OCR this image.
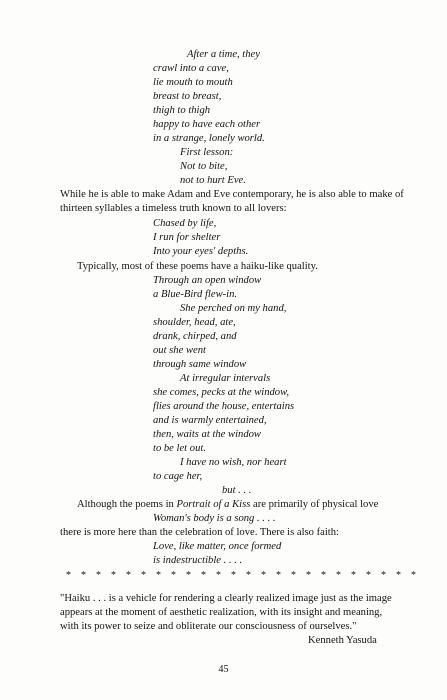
After a time, they
crawl into a cave,
lie mouth to mouth
breast to breast,
thigh to thigh
happy to have each other
in a strange, lonely world.
First lesson:
Not to bite,
not to hurt Eve.
While he is able to make Adam and Eve contemporary, he is also able to make of
thirteen syllables a timeless truth known to all lovers:
Chased by life,
I run for shelter
Into your eyes' depths.
Typically, most of these poems have a haiku-like quality.
Through an open window
a Blue-Bird flew-in.
She perched on my hand,
shoulder, head, ate,
drank, chirped, and
out she went
through same window
At irregular intervals
she comes, pecks at the window,
flies around the house, entertains
and is warmly entertained,
then, waits at the window
to be let out.
I have no wish, nor heart
to cage her,
but . . .
Although the poems in Portrait of a Kiss are primarily of physical love
Woman's body is a song . . . .
there is more here than the celebration of love. There is also faith:
Love, like matter, once formed
is indestructible . . . .
* * * * * * * * * * * * * * * * * * * * * * * *
"Haiku . . . is a vehicle for rendering a clearly realized image just as the image
appears at the moment of aesthetic realization, with its insight and meaning,
with its power to seize and obliterate our consciousness of ourselves."
Kenneth Yasuda
45
